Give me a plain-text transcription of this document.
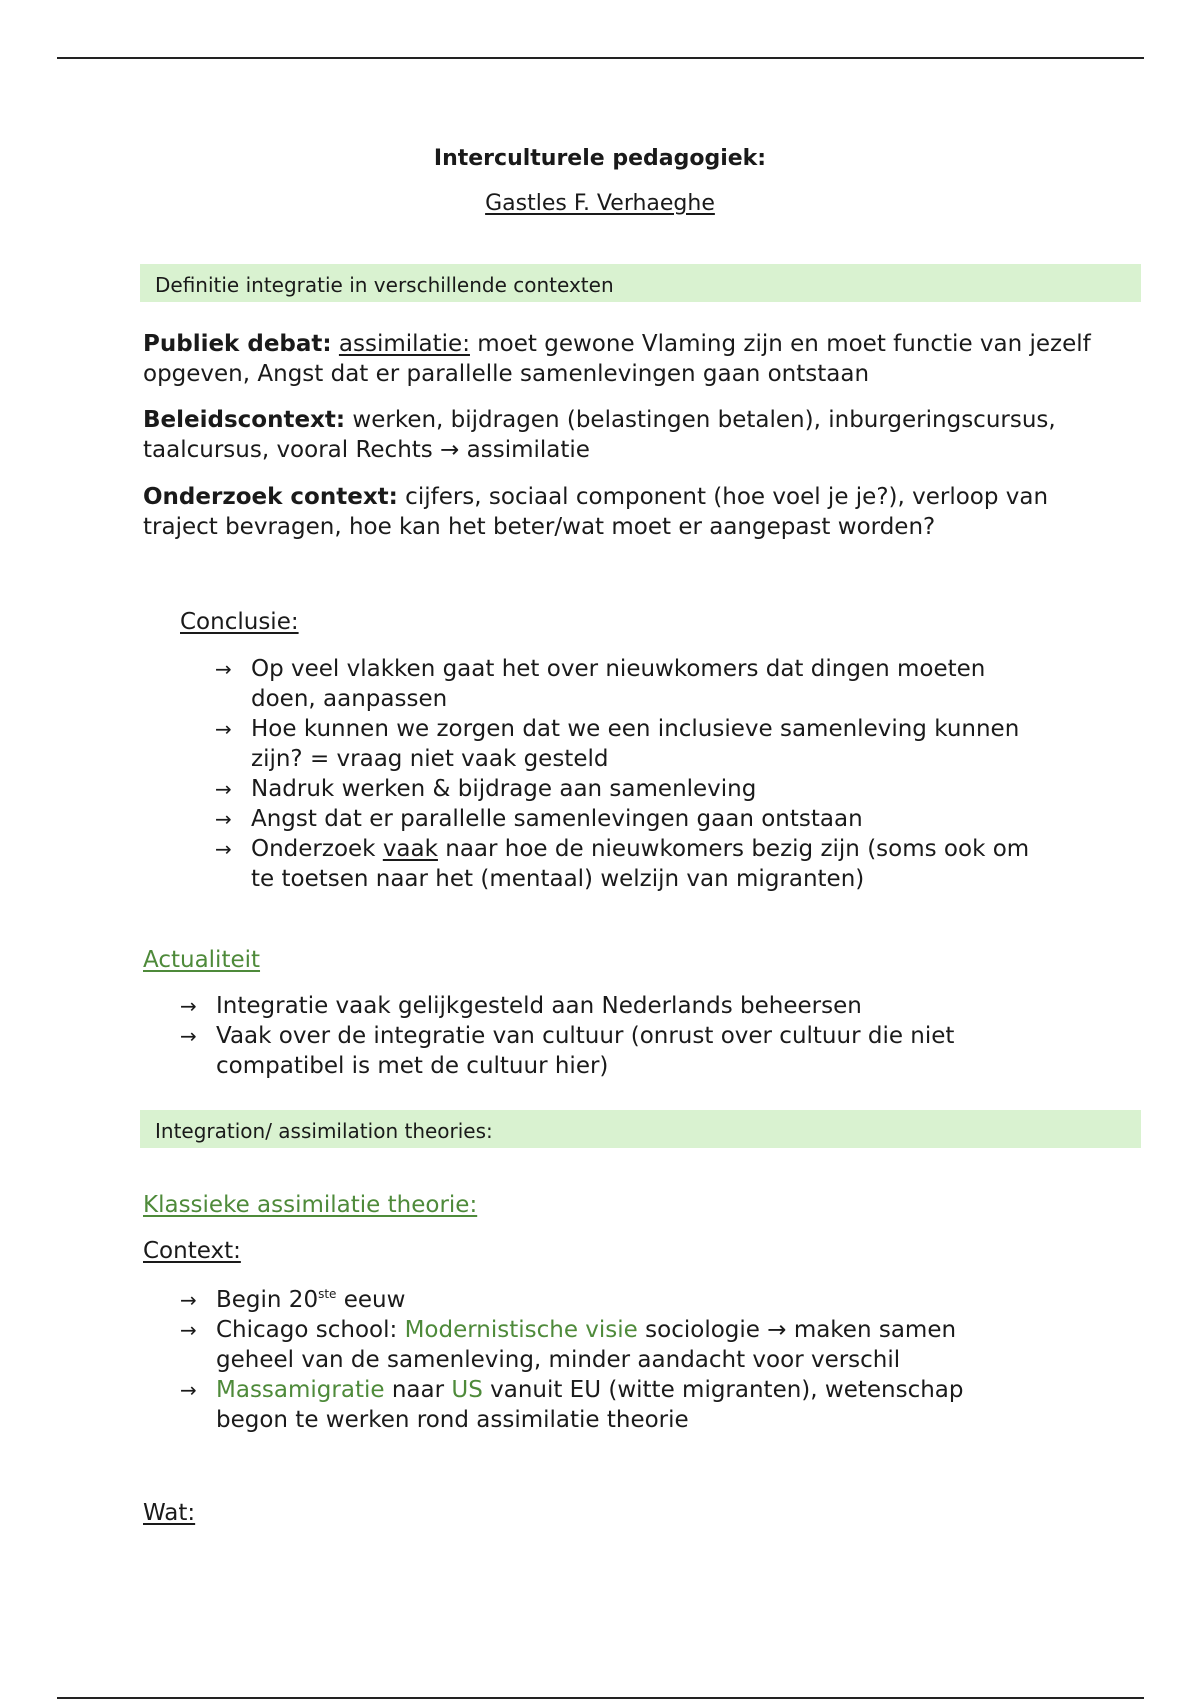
Interculturele pedagogiek:
Gastles F. Verhaeghe
Definitie integratie in verschillende contexten

Publiek debat: assimilatie: moet gewone Vlaming zijn en moet functie van jezelf opgeven, Angst dat er parallelle samenlevingen gaan ontstaan

Beleidscontext: werken, bijdragen (belastingen betalen), inburgeringscursus, taalcursus, vooral Rechts → assimilatie

Onderzoek context: cijfers, sociaal component (hoe voel je je?), verloop van traject bevragen, hoe kan het beter/wat moet er aangepast worden?

Conclusie:
→ Op veel vlakken gaat het over nieuwkomers dat dingen moeten doen, aanpassen
→ Hoe kunnen we zorgen dat we een inclusieve samenleving kunnen zijn? = vraag niet vaak gesteld
→ Nadruk werken & bijdrage aan samenleving
→ Angst dat er parallelle samenlevingen gaan ontstaan
→ Onderzoek vaak naar hoe de nieuwkomers bezig zijn (soms ook om te toetsen naar het (mentaal) welzijn van migranten)
Actualiteit
→ Integratie vaak gelijkgesteld aan Nederlands beheersen
→ Vaak over de integratie van cultuur (onrust over cultuur die niet compatibel is met de cultuur hier)
Integration/ assimilation theories:
Klassieke assimilatie theorie:
Context:
→ Begin 20ste eeuw
→ Chicago school: Modernistische visie sociologie → maken samen geheel van de samenleving, minder aandacht voor verschil
→ Massamigratie naar US vanuit EU (witte migranten), wetenschap begon te werken rond assimilatie theorie
Wat:
